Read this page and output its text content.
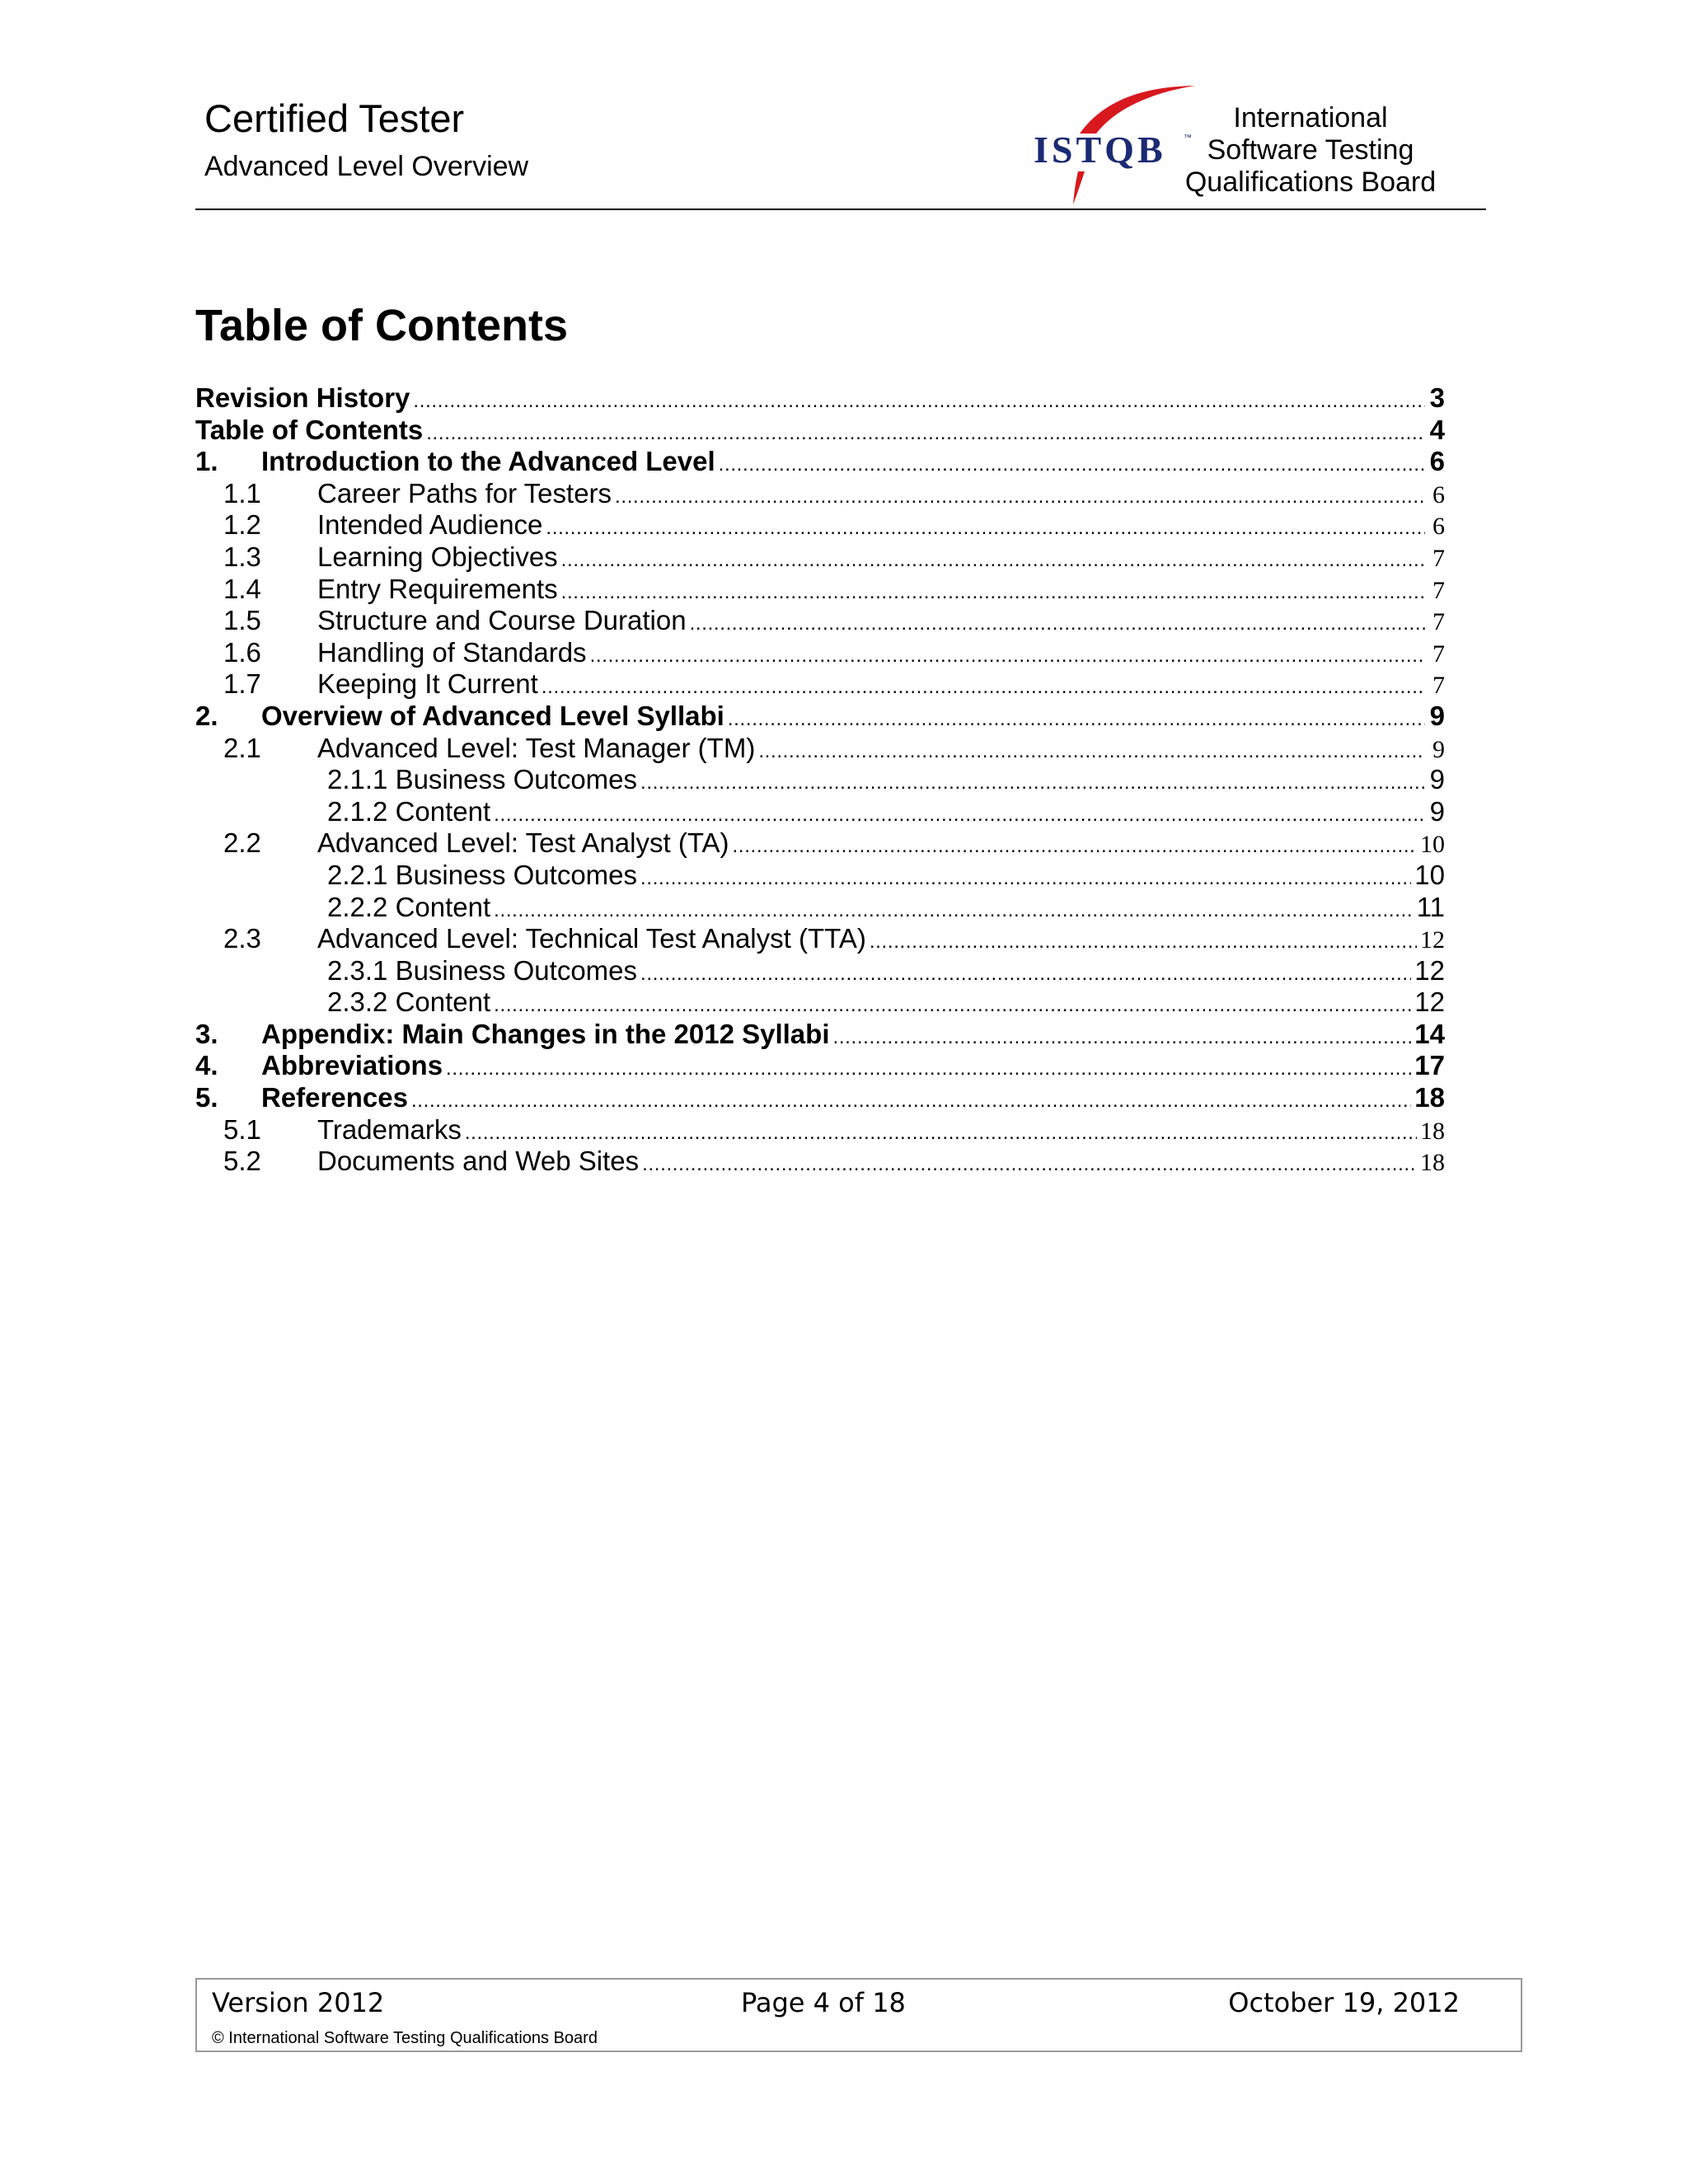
Certified Tester
Advanced Level Overview	ISTQB ™
International
Software Testing
Qualifications Board
Table of Contents
Revision History . . .	3
Table of Contents . . .	4
1.	Introduction to the Advanced Level . . .	6
1.1	Career Paths for Testers . . .	6
1.2	Intended Audience . . .	6
1.3	Learning Objectives . . .	7
1.4	Entry Requirements . . .	7
1.5	Structure and Course Duration . . .	7
1.6	Handling of Standards . . .	7
1.7	Keeping It Current . . .	7
2.	Overview of Advanced Level Syllabi . . .	9
2.1	Advanced Level: Test Manager (TM) . . .	9
2.1.1 Business Outcomes . . .	9
2.1.2 Content . . .	9
2.2	Advanced Level: Test Analyst (TA) . . .	10
2.2.1 Business Outcomes . . .	10
2.2.2 Content . . .	11
2.3	Advanced Level: Technical Test Analyst (TTA) . . .	12
2.3.1 Business Outcomes . . .	12
2.3.2 Content . . .	12
3.	Appendix: Main Changes in the 2012 Syllabi . . .	14
4.	Abbreviations . . .	17
5.	References . . .	18
5.1	Trademarks . . .	18
5.2	Documents and Web Sites . . .	18
Version 2012	Page 4 of 18	October 19, 2012
© International Software Testing Qualifications Board
